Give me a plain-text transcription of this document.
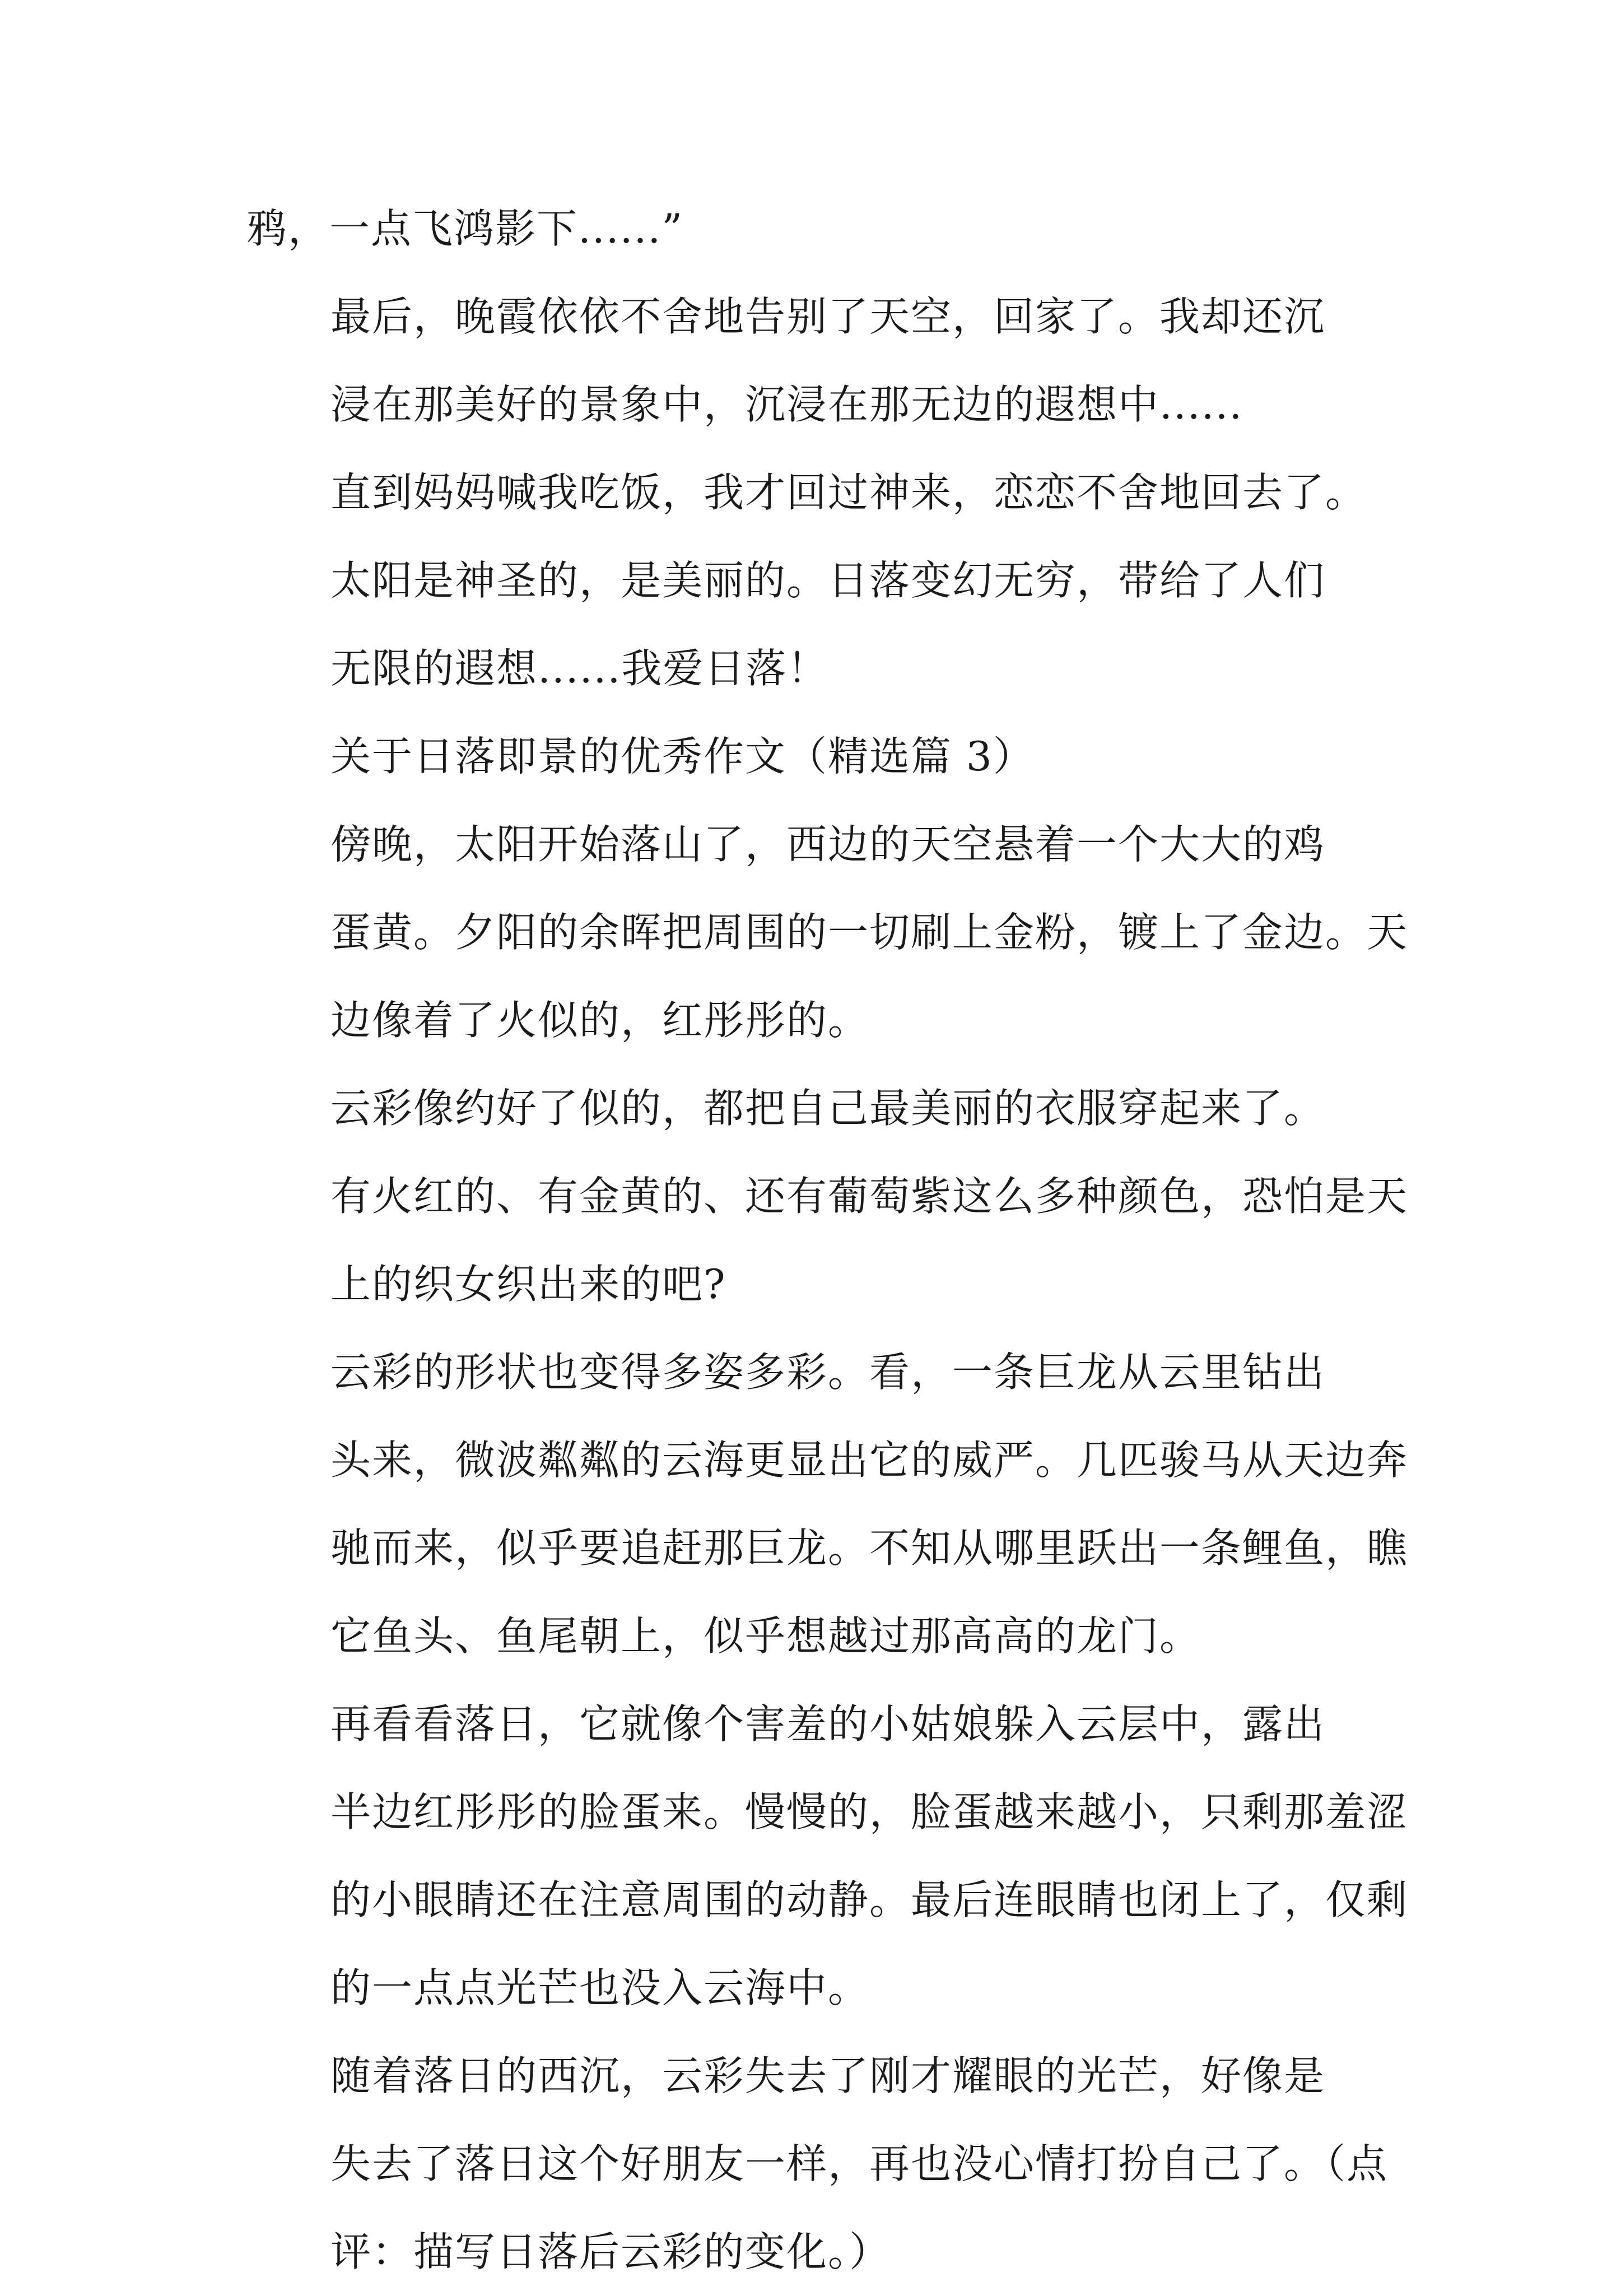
鸦，一点飞鸿影下......”
最后，晚霞依依不舍地告别了天空，回家了。我却还沉
浸在那美好的景象中，沉浸在那无边的遐想中......
直到妈妈喊我吃饭，我才回过神来，恋恋不舍地回去了。
太阳是神圣的，是美丽的。日落变幻无穷，带给了人们
无限的遐想......我爱日落！
关于日落即景的优秀作文（精选篇 3）
傍晚，太阳开始落山了，西边的天空悬着一个大大的鸡
蛋黄。夕阳的余晖把周围的一切刷上金粉，镀上了金边。天
边像着了火似的，红彤彤的。
云彩像约好了似的，都把自己最美丽的衣服穿起来了。
有火红的、有金黄的、还有葡萄紫这么多种颜色，恐怕是天
上的织女织出来的吧?
云彩的形状也变得多姿多彩。看，一条巨龙从云里钻出
头来，微波粼粼的云海更显出它的威严。几匹骏马从天边奔
驰而来，似乎要追赶那巨龙。不知从哪里跃出一条鲤鱼，瞧
它鱼头、鱼尾朝上，似乎想越过那高高的龙门。
再看看落日，它就像个害羞的小姑娘躲入云层中，露出
半边红彤彤的脸蛋来。慢慢的，脸蛋越来越小，只剩那羞涩
的小眼睛还在注意周围的动静。最后连眼睛也闭上了，仅剩
的一点点光芒也没入云海中。
随着落日的西沉，云彩失去了刚才耀眼的光芒，好像是
失去了落日这个好朋友一样，再也没心情打扮自己了。（点
评：描写日落后云彩的变化。）
